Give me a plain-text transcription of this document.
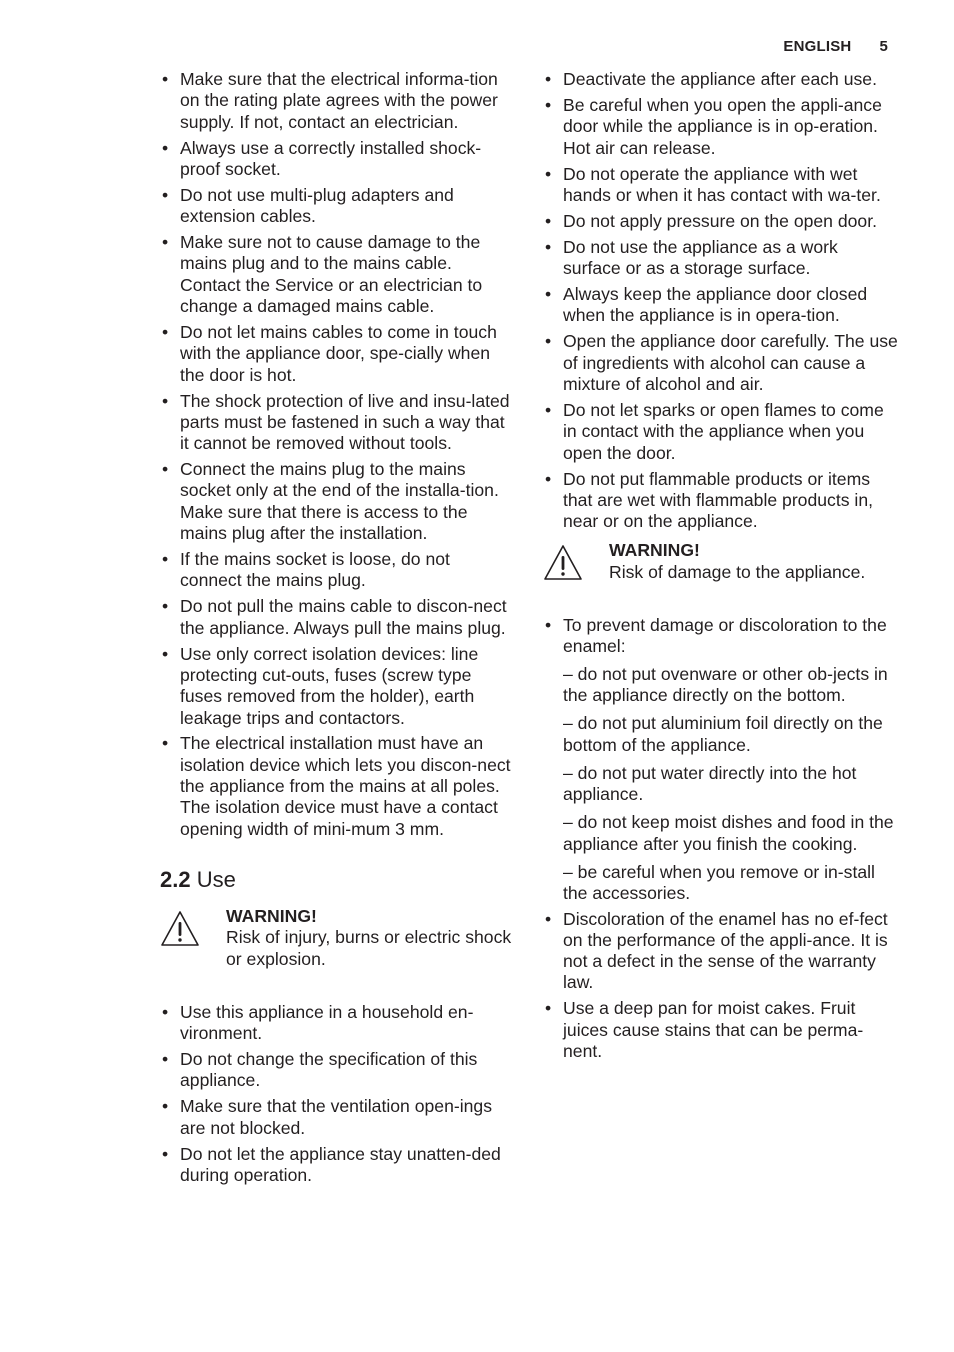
ENGLISH 5
• Make sure that the electrical informa-tion on the rating plate agrees with the power supply. If not, contact an electrician.
• Always use a correctly installed shock-proof socket.
• Do not use multi-plug adapters and extension cables.
• Make sure not to cause damage to the mains plug and to the mains cable. Contact the Service or an electrician to change a damaged mains cable.
• Do not let mains cables to come in touch with the appliance door, spe-cially when the door is hot.
• The shock protection of live and insu-lated parts must be fastened in such a way that it cannot be removed without tools.
• Connect the mains plug to the mains socket only at the end of the installa-tion. Make sure that there is access to the mains plug after the installation.
• If the mains socket is loose, do not connect the mains plug.
• Do not pull the mains cable to discon-nect the appliance. Always pull the mains plug.
• Use only correct isolation devices: line protecting cut-outs, fuses (screw type fuses removed from the holder), earth leakage trips and contactors.
• The electrical installation must have an isolation device which lets you discon-nect the appliance from the mains at all poles. The isolation device must have a contact opening width of mini-mum 3 mm.
2.2 Use
WARNING!
Risk of injury, burns or electric shock or explosion.
• Use this appliance in a household en-vironment.
• Do not change the specification of this appliance.
• Make sure that the ventilation open-ings are not blocked.
• Do not let the appliance stay unatten-ded during operation.
• Deactivate the appliance after each use.
• Be careful when you open the appli-ance door while the appliance is in op-eration. Hot air can release.
• Do not operate the appliance with wet hands or when it has contact with wa-ter.
• Do not apply pressure on the open door.
• Do not use the appliance as a work surface or as a storage surface.
• Always keep the appliance door closed when the appliance is in opera-tion.
• Open the appliance door carefully. The use of ingredients with alcohol can cause a mixture of alcohol and air.
• Do not let sparks or open flames to come in contact with the appliance when you open the door.
• Do not put flammable products or items that are wet with flammable products in, near or on the appliance.
WARNING!
Risk of damage to the appliance.
• To prevent damage or discoloration to the enamel:
– do not put ovenware or other ob-jects in the appliance directly on the bottom.
– do not put aluminium foil directly on the bottom of the appliance.
– do not put water directly into the hot appliance.
– do not keep moist dishes and food in the appliance after you finish the cooking.
– be careful when you remove or in-stall the accessories.
• Discoloration of the enamel has no ef-fect on the performance of the appli-ance. It is not a defect in the sense of the warranty law.
• Use a deep pan for moist cakes. Fruit juices cause stains that can be perma-nent.
